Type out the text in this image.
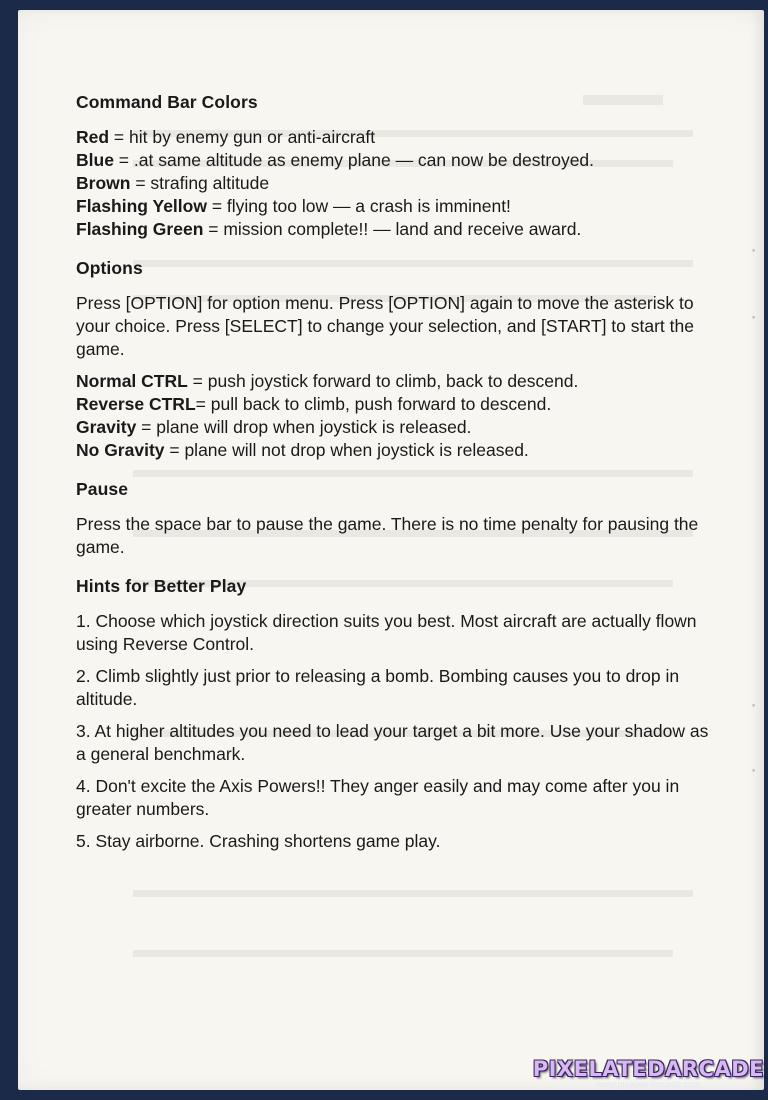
Command Bar Colors
Red = hit by enemy gun or anti-aircraft
Blue = .at same altitude as enemy plane — can now be destroyed.
Brown = strafing altitude
Flashing Yellow = flying too low — a crash is imminent!
Flashing Green = mission complete!! — land and receive award.
Options

Press [OPTION] for option menu. Press [OPTION] again to move the asterisk to your choice. Press [SELECT] to change your selection, and [START] to start the game.

Normal CTRL = push joystick forward to climb, back to descend.
Reverse CTRL= pull back to climb, push forward to descend.
Gravity = plane will drop when joystick is released.
No Gravity = plane will not drop when joystick is released.
Pause

Press the space bar to pause the game. There is no time penalty for pausing the game.

Hints for Better Play

1. Choose which joystick direction suits you best. Most aircraft are actually flown using Reverse Control.

2. Climb slightly just prior to releasing a bomb. Bombing causes you to drop in altitude.

3. At higher altitudes you need to lead your target a bit more. Use your shadow as a general benchmark.

4. Don't excite the Axis Powers!! They anger easily and may come after you in greater numbers.

5. Stay airborne. Crashing shortens game play.

◦
◦
◦
◦
PIXELATEDARCADE
www.pixelatedarcade.com
